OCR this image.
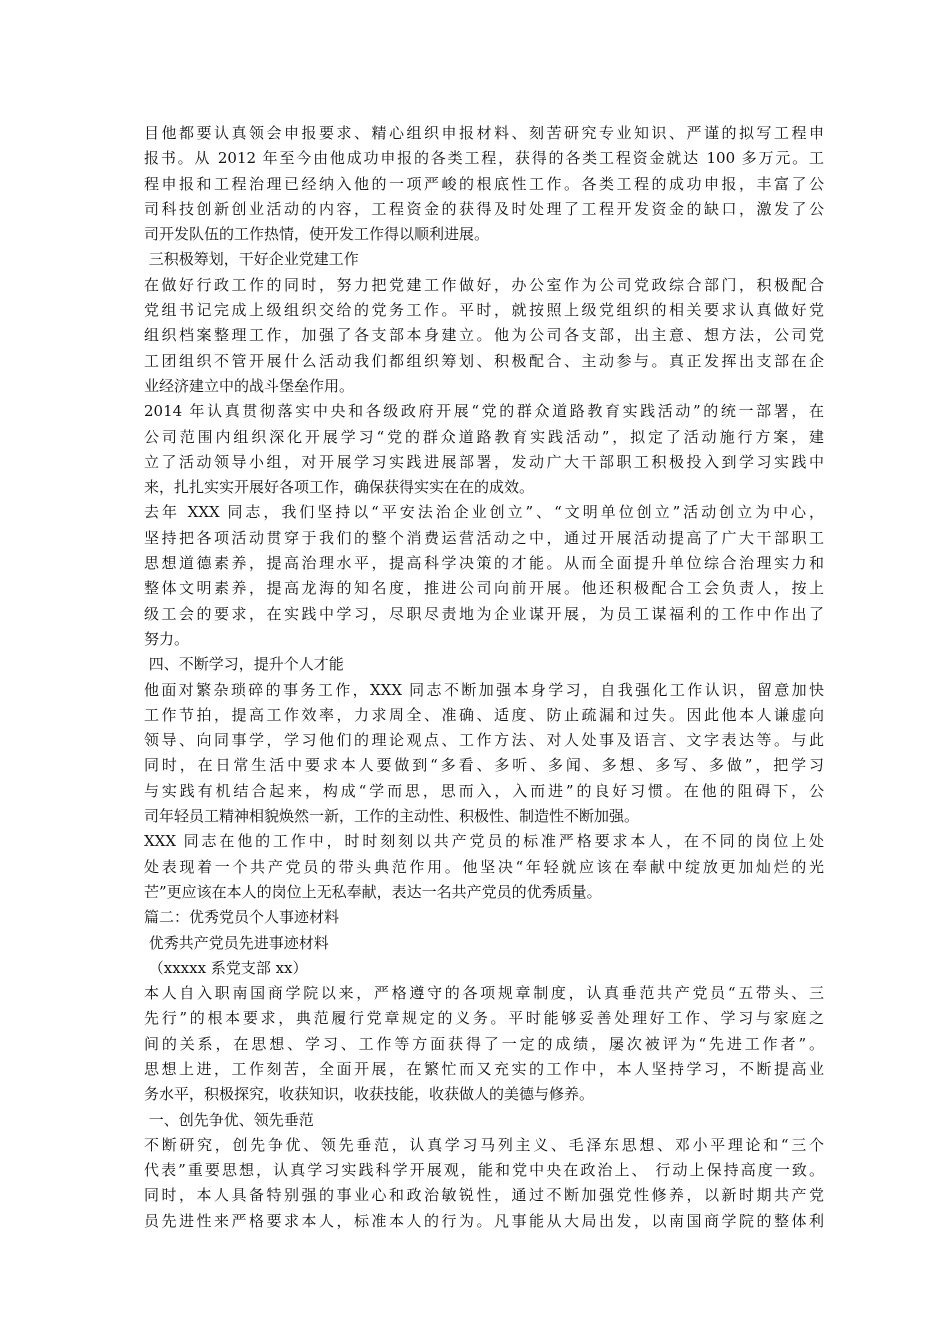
目他都要认真领会申报要求、精心组织申报材料、刻苦研究专业知识、严谨的拟写工程申
报书。从 2012 年至今由他成功申报的各类工程，获得的各类工程资金就达 100 多万元。工
程申报和工程治理已经纳入他的一项严峻的根底性工作。各类工程的成功申报，丰富了公
司科技创新创业活动的内容，工程资金的获得及时处理了工程开发资金的缺口，激发了公
司开发队伍的工作热情，使开发工作得以顺利进展。
三积极筹划，干好企业党建工作
在做好行政工作的同时，努力把党建工作做好，办公室作为公司党政综合部门，积极配合
党组书记完成上级组织交给的党务工作。平时，就按照上级党组织的相关要求认真做好党
组织档案整理工作，加强了各支部本身建立。他为公司各支部，出主意、想方法，公司党
工团组织不管开展什么活动我们都组织筹划、积极配合、主动参与。真正发挥出支部在企
业经济建立中的战斗堡垒作用。
2014 年认真贯彻落实中央和各级政府开展“党的群众道路教育实践活动”的统一部署，在
公司范围内组织深化开展学习“党的群众道路教育实践活动”，拟定了活动施行方案，建
立了活动领导小组，对开展学习实践进展部署，发动广大干部职工积极投入到学习实践中
来，扎扎实实开展好各项工作，确保获得实实在在的成效。
去年 XXX 同志，我们坚持以“平安法治企业创立”、“文明单位创立”活动创立为中心，
坚持把各项活动贯穿于我们的整个消费运营活动之中，通过开展活动提高了广大干部职工
思想道德素养，提高治理水平，提高科学决策的才能。从而全面提升单位综合治理实力和
整体文明素养，提高龙海的知名度，推进公司向前开展。他还积极配合工会负责人，按上
级工会的要求，在实践中学习，尽职尽责地为企业谋开展，为员工谋福利的工作中作出了
努力。
四、不断学习，提升个人才能
他面对繁杂琐碎的事务工作，XXX 同志不断加强本身学习，自我强化工作认识，留意加快
工作节拍，提高工作效率，力求周全、准确、适度、防止疏漏和过失。因此他本人谦虚向
领导、向同事学，学习他们的理论观点、工作方法、对人处事及语言、文字表达等。与此
同时，在日常生活中要求本人要做到“多看、多听、多闻、多想、多写、多做”，把学习
与实践有机结合起来，构成“学而思，思而入，入而进”的良好习惯。在他的阻碍下，公
司年轻员工精神相貌焕然一新，工作的主动性、积极性、制造性不断加强。
XXX 同志在他的工作中，时时刻刻以共产党员的标准严格要求本人，在不同的岗位上处
处表现着一个共产党员的带头典范作用。他坚决“年轻就应该在奉献中绽放更加灿烂的光
芒”更应该在本人的岗位上无私奉献，表达一名共产党员的优秀质量。
篇二：优秀党员个人事迹材料
优秀共产党员先进事迹材料
（xxxxx 系党支部 xx）
本人自入职南国商学院以来，严格遵守的各项规章制度，认真垂范共产党员“五带头、三
先行”的根本要求，典范履行党章规定的义务。平时能够妥善处理好工作、学习与家庭之
间的关系，在思想、学习、工作等方面获得了一定的成绩，屡次被评为“先进工作者”。
思想上进，工作刻苦，全面开展，在繁忙而又充实的工作中，本人坚持学习，不断提高业
务水平，积极探究，收获知识，收获技能，收获做人的美德与修养。
一、创先争优、领先垂范
不断研究，创先争优、领先垂范，认真学习马列主义、毛泽东思想、邓小平理论和“三个
代表”重要思想，认真学习实践科学开展观，能和党中央在政治上、 行动上保持高度一致。
同时，本人具备特别强的事业心和政治敏锐性，通过不断加强党性修养，以新时期共产党
员先进性来严格要求本人，标准本人的行为。凡事能从大局出发，以南国商学院的整体利
